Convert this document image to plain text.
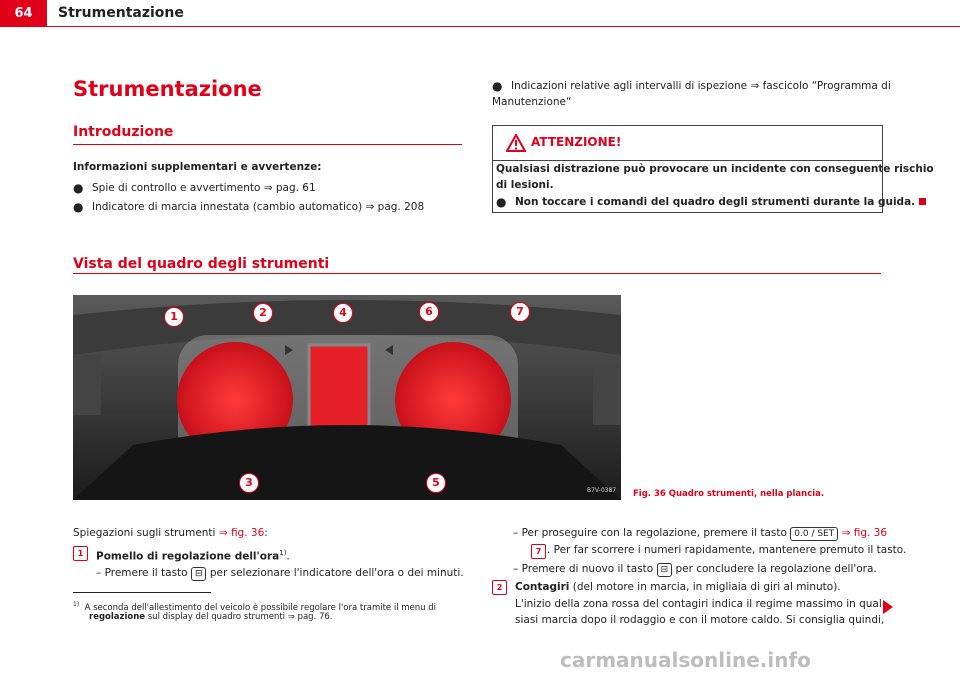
64	Strumentazione
Strumentazione
Introduzione
Informazioni supplementari e avvertenze:
● Spie di controllo e avvertimento ⇒ pag. 61
● Indicatore di marcia innestata (cambio automatico) ⇒ pag. 208
● Indicazioni relative agli intervalli di ispezione ⇒ fascicolo “Programma di
Manutenzione“
ATTENZIONE!
Qualsiasi distrazione può provocare un incidente con conseguente rischio
di lesioni.
● Non toccare i comandi del quadro degli strumenti durante la guida.
Vista del quadro degli strumenti
1	2	4	6	7
3	5
B7V-0387 Fig. 36 Quadro strumenti, nella plancia.
Spiegazioni sugli strumenti ⇒ fig. 36:
1	Pomello di regolazione dell'ora$^{1)}$.
– Premere il tasto ⊟ per selezionare l'indicatore dell'ora o dei minuti.
$^{1)}$ A seconda dell'allestimento del veicolo è possibile regolare l'ora tramite il menu di
regolazione sul display del quadro strumenti ⇒ pag. 76.
– Per proseguire con la regolazione, premere il tasto 0.0 / SET ⇒ fig. 36
7 . Per far scorrere i numeri rapidamente, mantenere premuto il tasto.
– Premere di nuovo il tasto ⊟ per concludere la regolazione dell'ora.
2	Contagiri (del motore in marcia, in migliaia di giri al minuto).
L'inizio della zona rossa del contagiri indica il regime massimo in qual-
siasi marcia dopo il rodaggio e con il motore caldo. Si consiglia quindi,
carmanualsonline.info
